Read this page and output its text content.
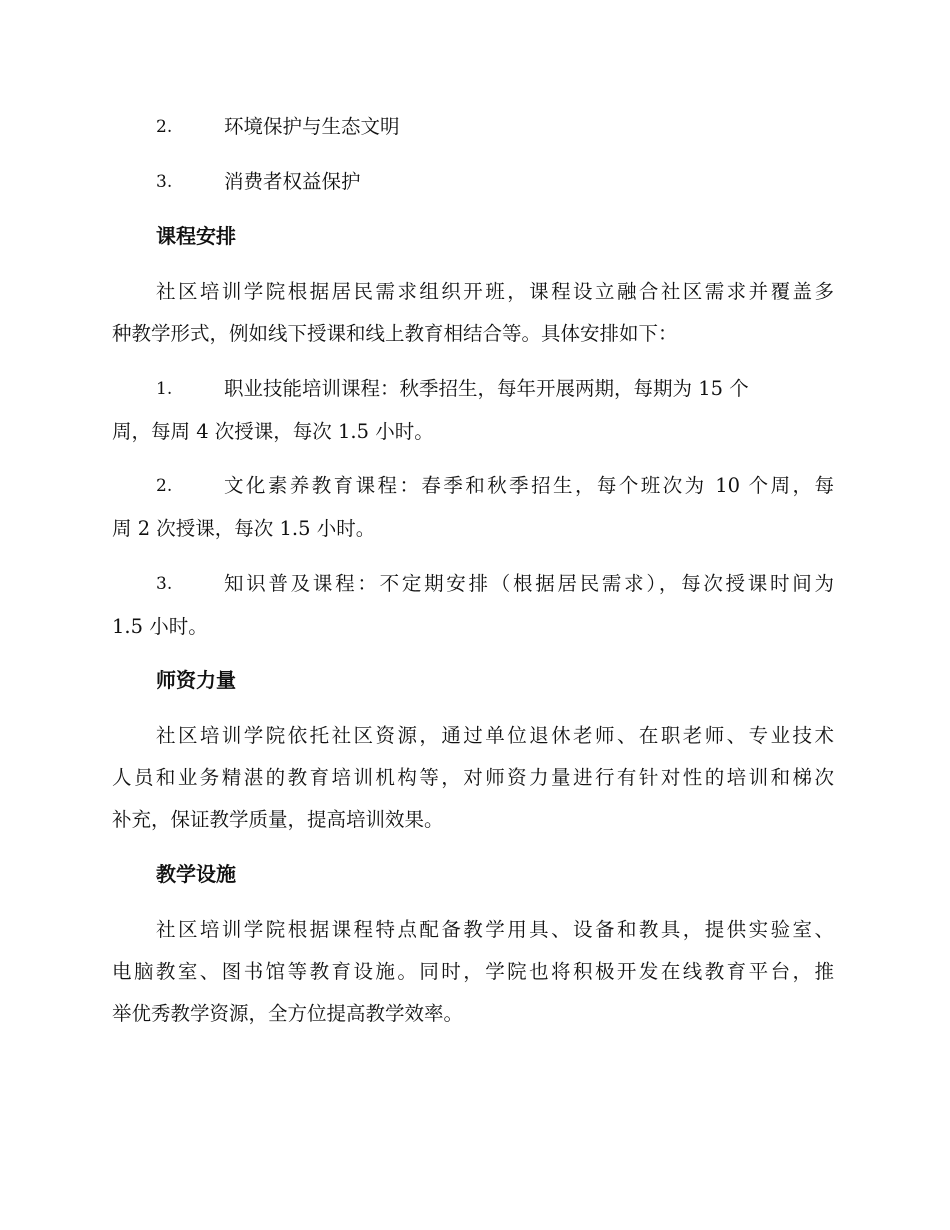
2.	环境保护与生态文明
3.	消费者权益保护
课程安排
社区培训学院根据居民需求组织开班，课程设立融合社区需求并覆盖多
种教学形式，例如线下授课和线上教育相结合等。具体安排如下：
1.	职业技能培训课程：秋季招生，每年开展两期，每期为 15 个
周，每周 4 次授课，每次 1.5 小时。
2.	文化素养教育课程：春季和秋季招生，每个班次为 10 个周，每
周 2 次授课，每次 1.5 小时。
3.	知识普及课程：不定期安排（根据居民需求），每次授课时间为
1.5 小时。
师资力量
社区培训学院依托社区资源，通过单位退休老师、在职老师、专业技术
人员和业务精湛的教育培训机构等，对师资力量进行有针对性的培训和梯次
补充，保证教学质量，提高培训效果。
教学设施
社区培训学院根据课程特点配备教学用具、设备和教具，提供实验室、
电脑教室、图书馆等教育设施。同时，学院也将积极开发在线教育平台，推
举优秀教学资源，全方位提高教学效率。
